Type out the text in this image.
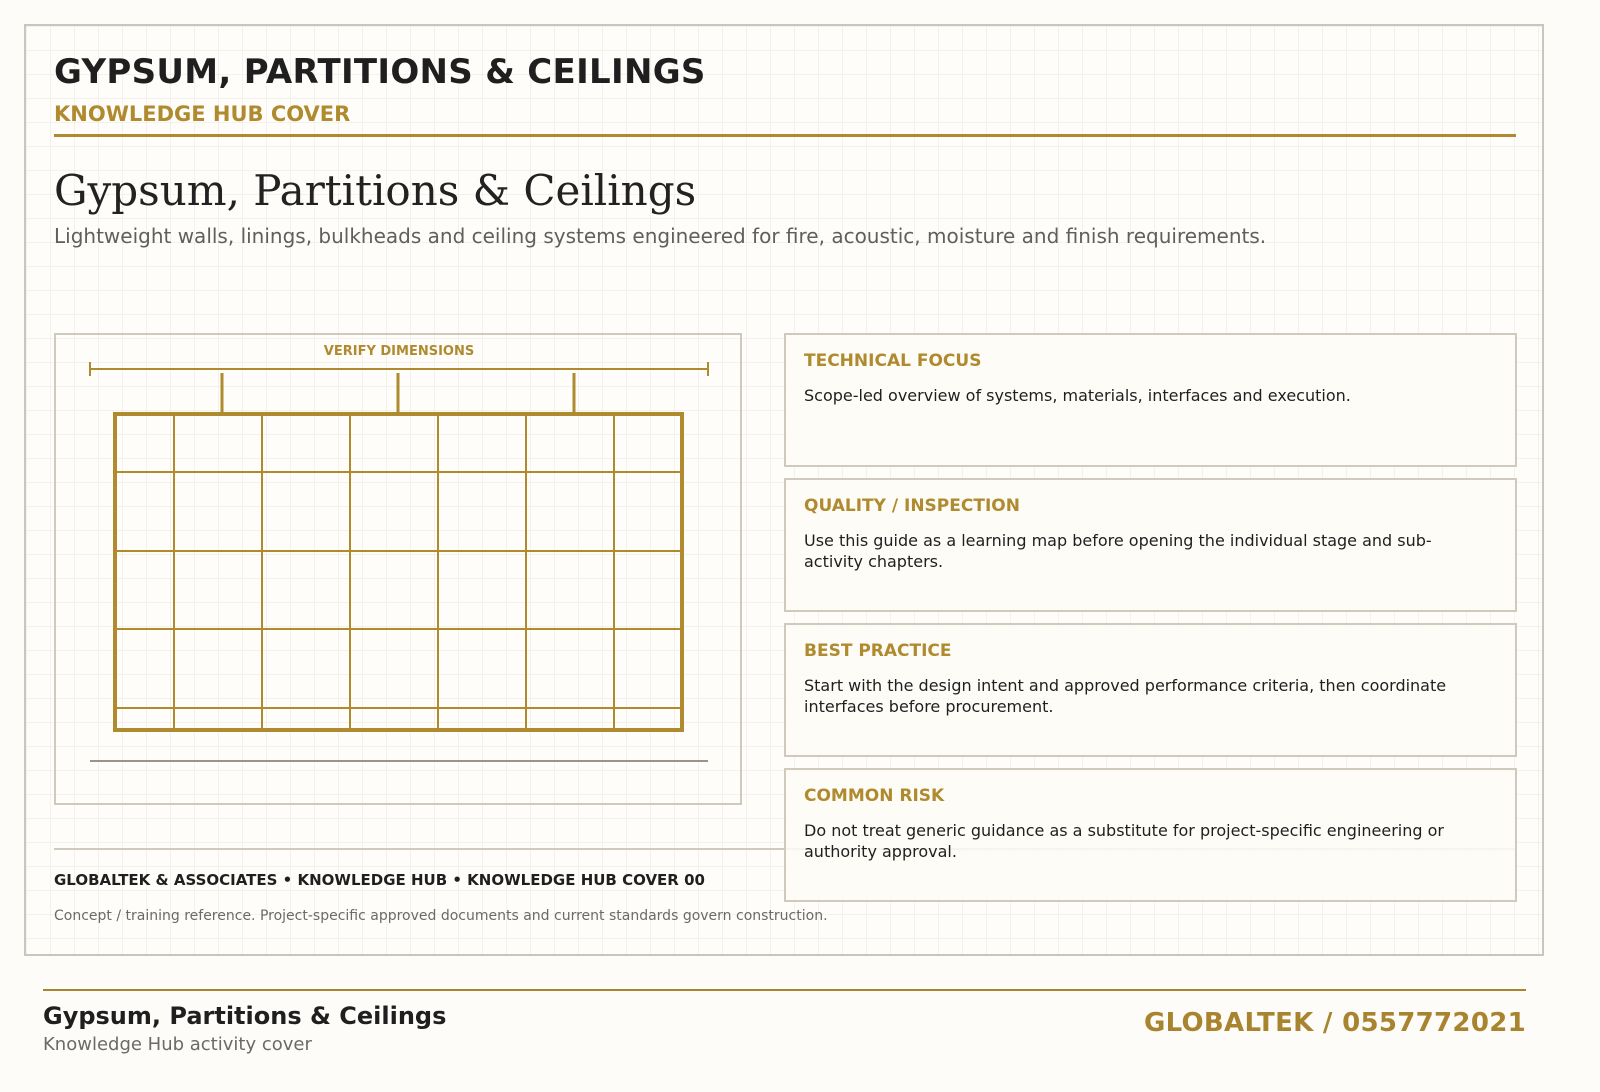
GYPSUM, PARTITIONS & CEILINGS
KNOWLEDGE HUB COVER
Gypsum, Partitions & Ceilings
Lightweight walls, linings, bulkheads and ceiling systems engineered for fire, acoustic, moisture and finish requirements.
VERIFY DIMENSIONS	TECHNICAL FOCUS
Scope-led overview of systems, materials, interfaces and execution.
QUALITY / INSPECTION
Use this guide as a learning map before opening the individual stage and sub-activity chapters.
BEST PRACTICE
Start with the design intent and approved performance criteria, then coordinate interfaces before procurement.
COMMON RISK
Do not treat generic guidance as a substitute for project-specific engineering or authority approval.
GLOBALTEK & ASSOCIATES • KNOWLEDGE HUB • KNOWLEDGE HUB COVER 00
Concept / training reference. Project-specific approved documents and current standards govern construction.
Gypsum, Partitions & Ceilings
Knowledge Hub activity cover
GLOBALTEK / 0557772021
